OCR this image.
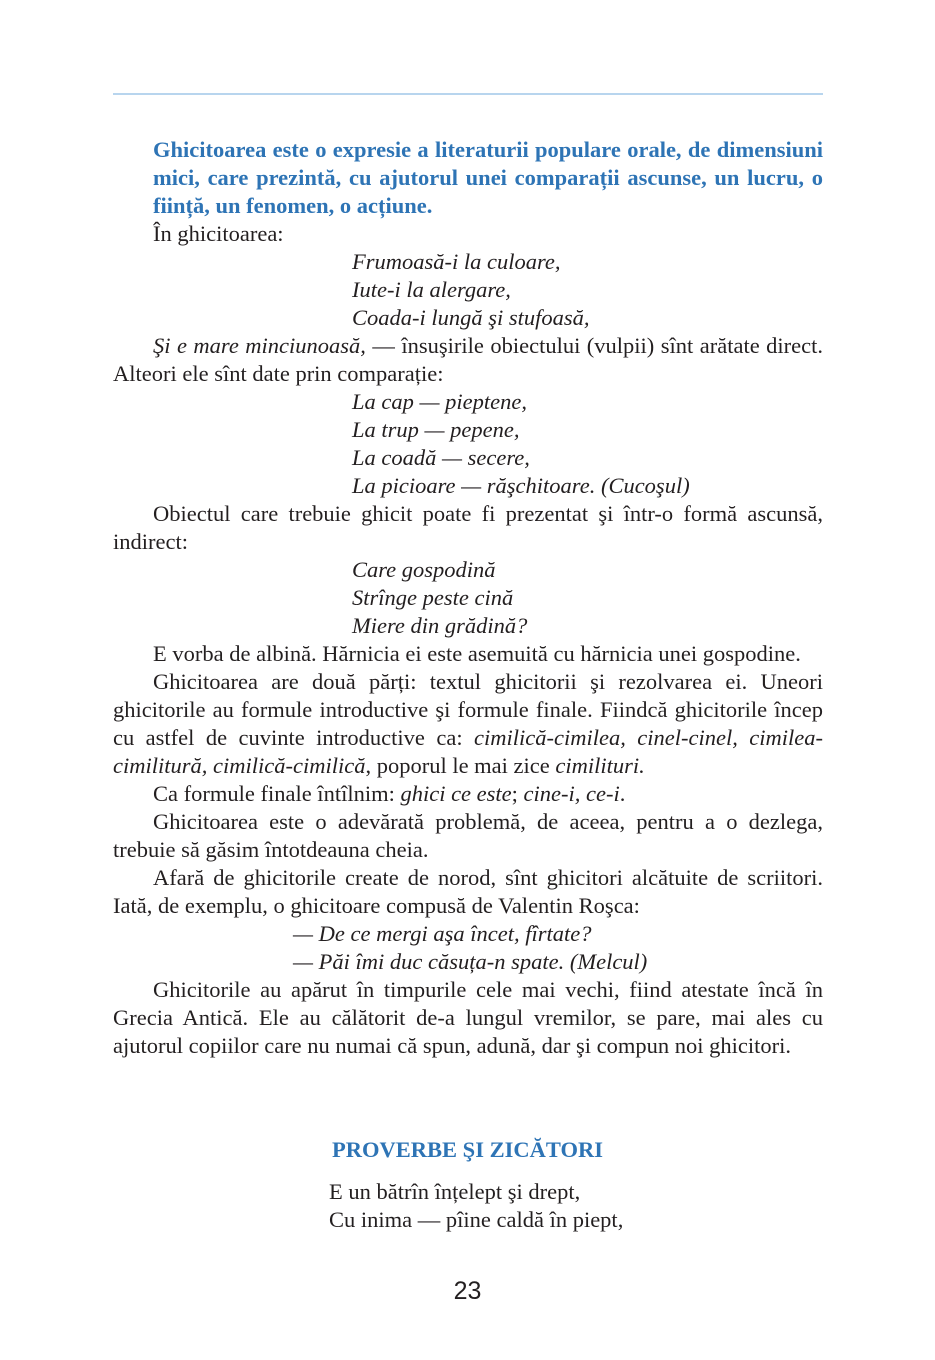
Ghicitoarea este o expresie a literaturii populare orale, de dimensiuni mici, care prezintă, cu ajutorul unei comparații ascunse, un lucru, o ființă, un fenomen, o acțiune.

În ghicitoarea:

Frumoasă-i la culoare,
Iute-i la alergare,
Coada-i lungă şi stufoasă,

Şi e mare minciunoasă, — însuşirile obiectului (vulpii) sînt arătate direct. Alteori ele sînt date prin comparație:

La cap — pieptene,
La trup — pepene,
La coadă — secere,
La picioare — răşchitoare. (Cucoşul)

Obiectul care trebuie ghicit poate fi prezentat şi într-o formă ascunsă, indirect:

Care gospodină
Strînge peste cină
Miere din grădină?

E vorba de albină. Hărnicia ei este asemuită cu hărnicia unei gospodine.

Ghicitoarea are două părți: textul ghicitorii şi rezolvarea ei. Uneori ghicitorile au formule introductive şi formule finale. Fiindcă ghicitorile încep cu astfel de cuvinte introductive ca: cimilică-cimilea, cinel-cinel, cimilea-cimilitură, cimilică-cimilică, poporul le mai zice cimilituri.

Ca formule finale întîlnim: ghici ce este; cine-i, ce-i.

Ghicitoarea este o adevărată problemă, de aceea, pentru a o dezlega, trebuie să găsim întotdeauna cheia.

Afară de ghicitorile create de norod, sînt ghicitori alcătuite de scriitori. Iată, de exemplu, o ghicitoare compusă de Valentin Roşca:

— De ce mergi aşa încet, fîrtate?
— Păi îmi duc căsuța-n spate. (Melcul)

Ghicitorile au apărut în timpurile cele mai vechi, fiind atestate încă în Grecia Antică. Ele au călătorit de-a lungul vremilor, se pare, mai ales cu ajutorul copiilor care nu numai că spun, adună, dar şi compun noi ghicitori.

PROVERBE ŞI ZICĂTORI
E un bătrîn înțelept şi drept,
Cu inima — pîine caldă în piept,
23
